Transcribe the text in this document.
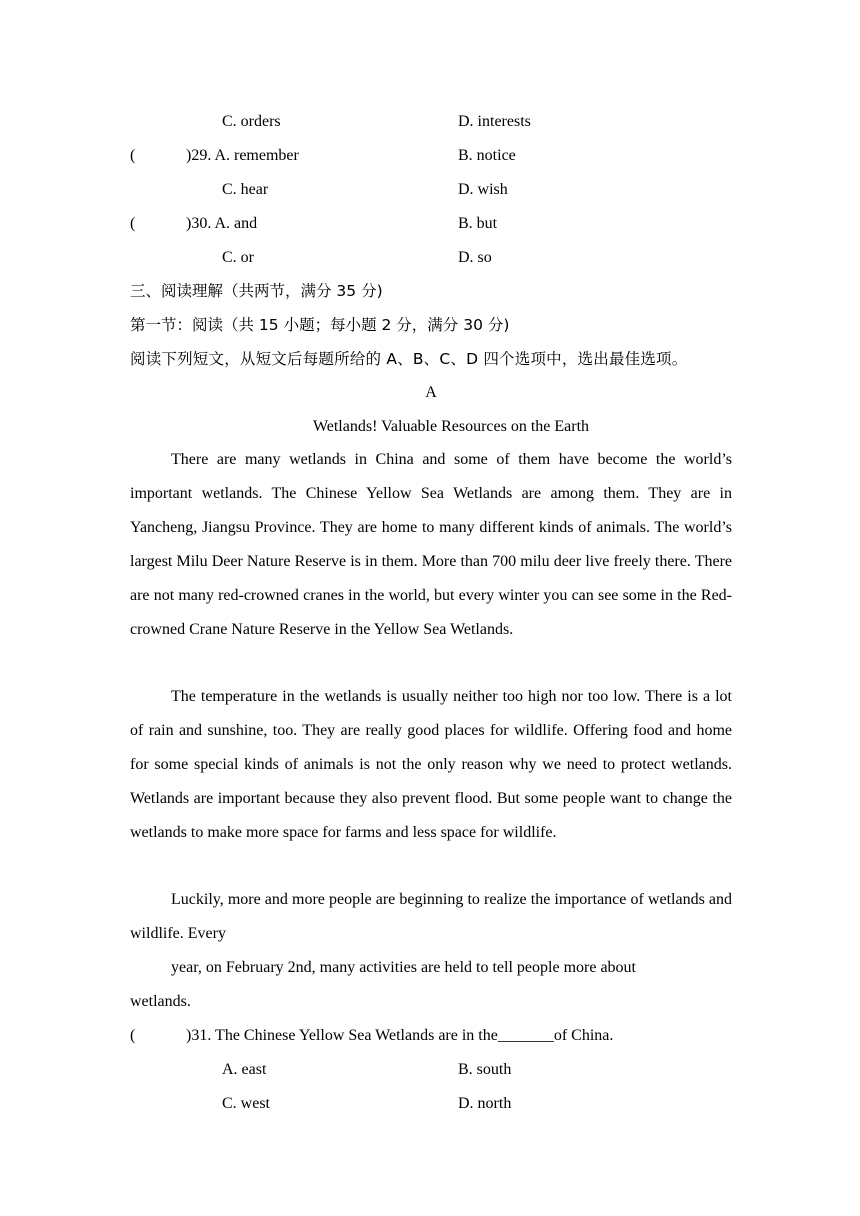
C. orders	D. interests
(	)29. A. remember	B. notice
C. hear	D. wish
(	)30. A. and	B. but
C. or	D. so
三、阅读理解（共两节，满分 35 分)
第一节：阅读（共 15 小题；每小题 2 分，满分 30 分)
阅读下列短文，从短文后每题所给的 A、B、C、D 四个选项中，选出最佳选项。
A
Wetlands! Valuable Resources on the Earth

There are many wetlands in China and some of them have become the world’s important wetlands. The Chinese Yellow Sea Wetlands are among them. They are in Yancheng, Jiangsu Province. They are home to many different kinds of animals. The world’s largest Milu Deer Nature Reserve is in them. More than 700 milu deer live freely there. There are not many red-crowned cranes in the world, but every winter you can see some in the Red-crowned Crane Nature Reserve in the Yellow Sea Wetlands.

The temperature in the wetlands is usually neither too high nor too low. There is a lot of rain and sunshine, too. They are really good places for wildlife. Offering food and home for some special kinds of animals is not the only reason why we need to protect wetlands. Wetlands are important because they also prevent flood. But some people want to change the wetlands to make more space for farms and less space for wildlife.

Luckily, more and more people are beginning to realize the importance of wetlands and wildlife. Every

year, on February 2nd, many activities are held to tell people more about
wetlands.
(	)31. The Chinese Yellow Sea Wetlands are in the_______of China.
A. east	B. south
C. west	D. north
